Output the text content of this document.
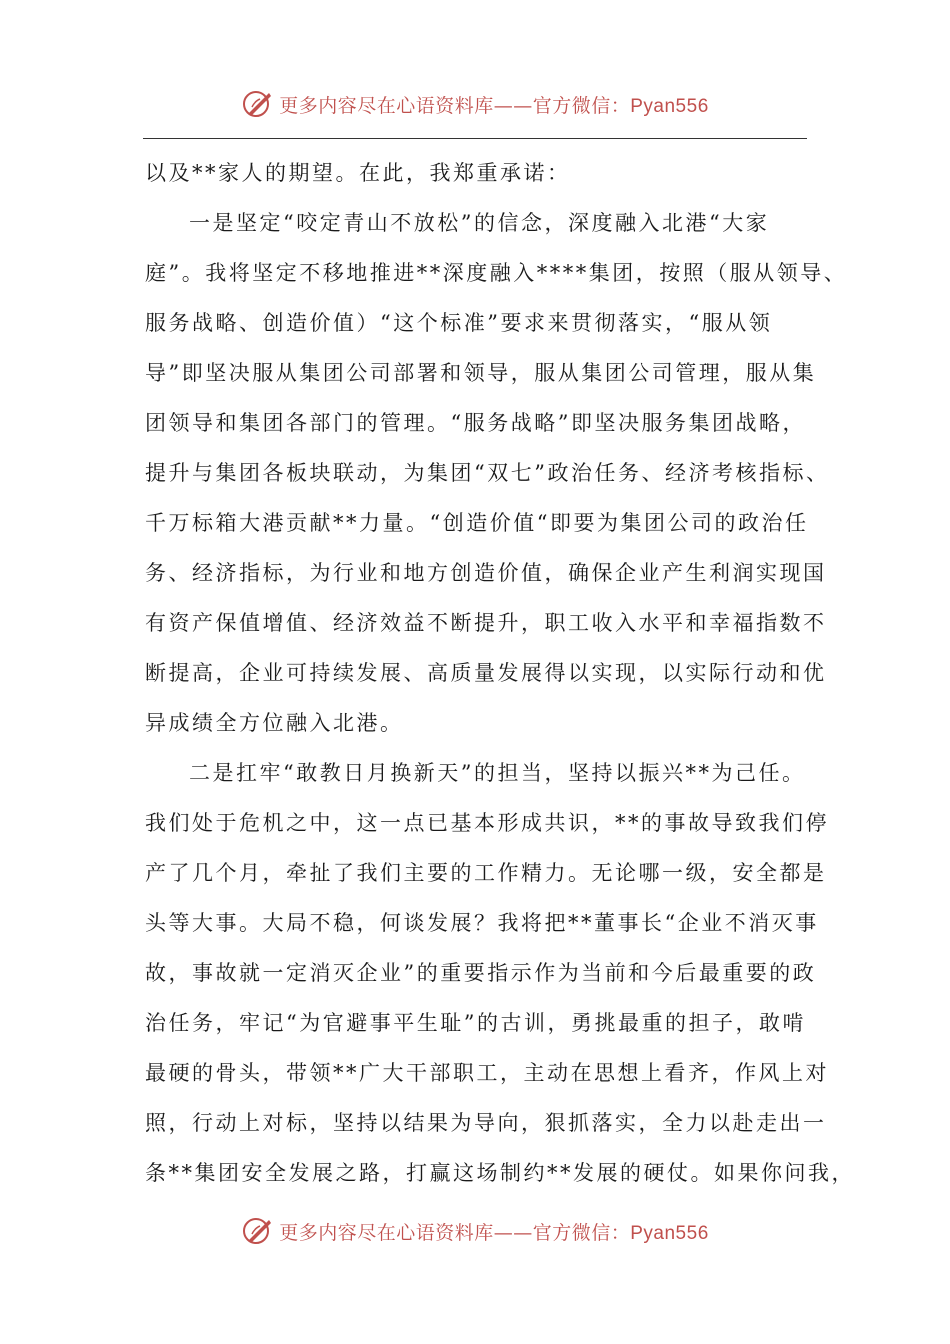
更多内容尽在心语资料库——官方微信：Pyan556
以及**家人的期望。在此，我郑重承诺：
一是坚定“咬定青山不放松”的信念，深度融入北港“大家
庭”。我将坚定不移地推进**深度融入****集团，按照（服从领导、
服务战略、创造价值）“这个标准”要求来贯彻落实，“服从领
导”即坚决服从集团公司部署和领导，服从集团公司管理，服从集
团领导和集团各部门的管理。“服务战略”即坚决服务集团战略，
提升与集团各板块联动，为集团“双七”政治任务、经济考核指标、
千万标箱大港贡献**力量。“创造价值“即要为集团公司的政治任
务、经济指标，为行业和地方创造价值，确保企业产生利润实现国
有资产保值增值、经济效益不断提升，职工收入水平和幸福指数不
断提高，企业可持续发展、高质量发展得以实现，以实际行动和优
异成绩全方位融入北港。
二是扛牢“敢教日月换新天”的担当，坚持以振兴**为己任。
我们处于危机之中，这一点已基本形成共识，**的事故导致我们停
产了几个月，牵扯了我们主要的工作精力。无论哪一级，安全都是
头等大事。大局不稳，何谈发展？我将把**董事长“企业不消灭事
故，事故就一定消灭企业”的重要指示作为当前和今后最重要的政
治任务，牢记“为官避事平生耻”的古训，勇挑最重的担子，敢啃
最硬的骨头，带领**广大干部职工，主动在思想上看齐，作风上对
照，行动上对标，坚持以结果为导向，狠抓落实，全力以赴走出一
条**集团安全发展之路，打赢这场制约**发展的硬仗。如果你问我，
更多内容尽在心语资料库——官方微信：Pyan556
